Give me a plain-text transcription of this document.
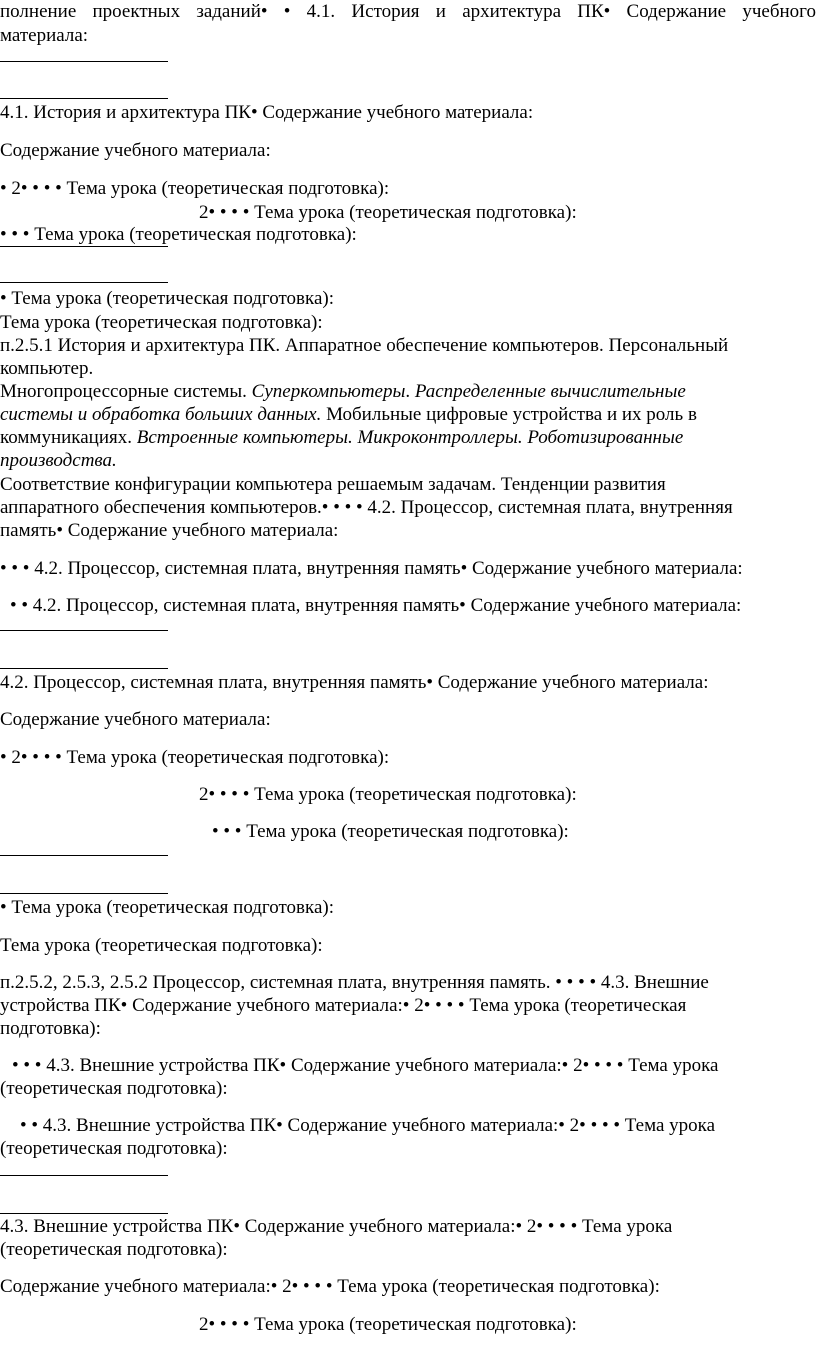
полнение проектных заданий• • 4.1. История и архитектура ПК• Содержание учебного
материала:
4.1. История и архитектура ПК• Содержание учебного материала:
Содержание учебного материала:
• 2• • • • Тема урока (теоретическая подготовка):
2• • • • Тема урока (теоретическая подготовка):
• • • Тема урока (теоретическая подготовка):
• Тема урока (теоретическая подготовка):
Тема урока (теоретическая подготовка):
п.2.5.1 История и архитектура ПК. Аппаратное обеспечение компьютеров. Персональный
компьютер.
Многопроцессорные системы. Суперкомпьютеры. Распределенные вычислительные
системы и обработка больших данных. Мобильные цифровые устройства и их роль в
коммуникациях. Встроенные компьютеры. Микроконтроллеры. Роботизированные
производства.
Соответствие конфигурации компьютера решаемым задачам. Тенденции развития
аппаратного обеспечения компьютеров.• • • • 4.2. Процессор, системная плата, внутренняя
память• Содержание учебного материала:
• • • 4.2. Процессор, системная плата, внутренняя память• Содержание учебного материала:
• • 4.2. Процессор, системная плата, внутренняя память• Содержание учебного материала:
4.2. Процессор, системная плата, внутренняя память• Содержание учебного материала:
Содержание учебного материала:
• 2• • • • Тема урока (теоретическая подготовка):
2• • • • Тема урока (теоретическая подготовка):
• • • Тема урока (теоретическая подготовка):
• Тема урока (теоретическая подготовка):
Тема урока (теоретическая подготовка):
п.2.5.2, 2.5.3, 2.5.2 Процессор, системная плата, внутренняя память. • • • • 4.3. Внешние
устройства ПК• Содержание учебного материала:• 2• • • • Тема урока (теоретическая
подготовка):
• • • 4.3. Внешние устройства ПК• Содержание учебного материала:• 2• • • • Тема урока
(теоретическая подготовка):
• • 4.3. Внешние устройства ПК• Содержание учебного материала:• 2• • • • Тема урока
(теоретическая подготовка):
4.3. Внешние устройства ПК• Содержание учебного материала:• 2• • • • Тема урока
(теоретическая подготовка):
Содержание учебного материала:• 2• • • • Тема урока (теоретическая подготовка):
2• • • • Тема урока (теоретическая подготовка):
